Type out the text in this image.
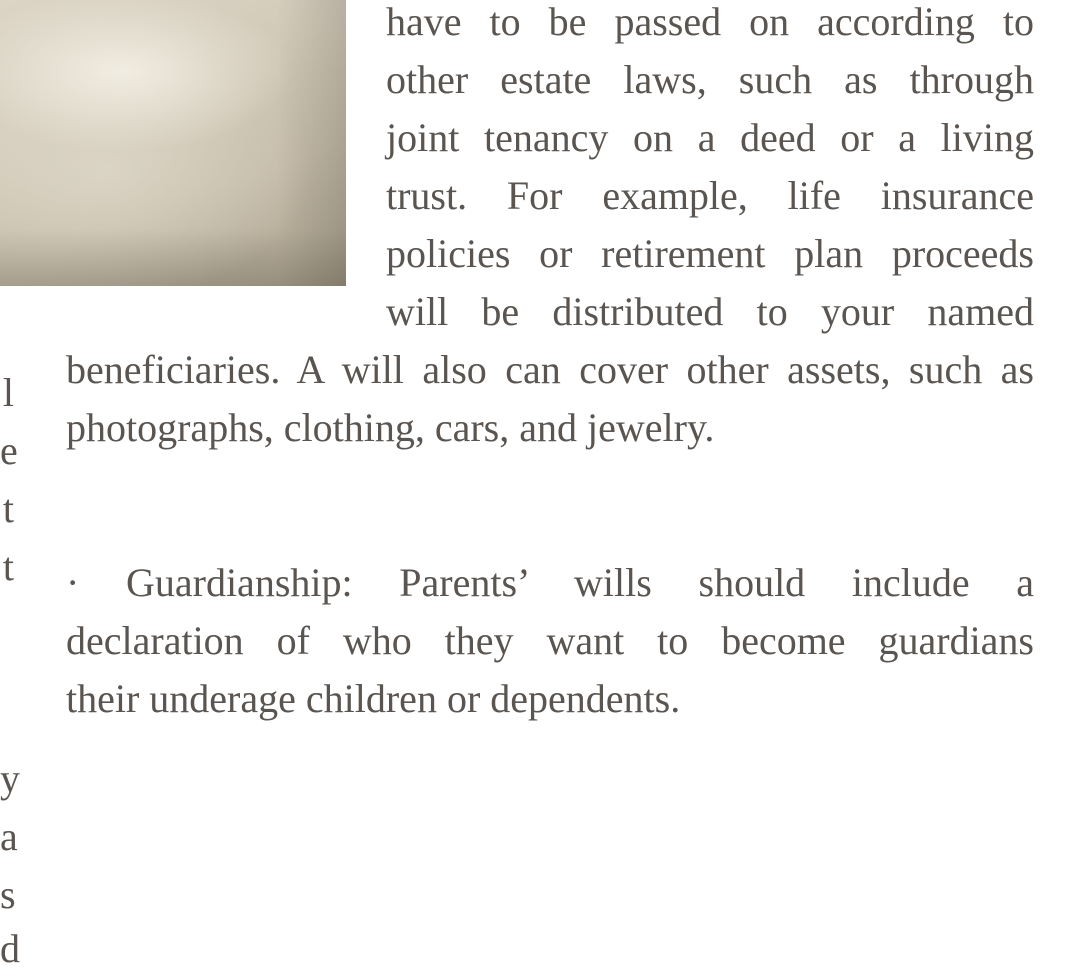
have to be passed on according to
other estate laws, such as through
joint tenancy on a deed or a living
trust. For example, life insurance
policies or retirement plan proceeds
will be distributed to your named
beneficiaries. A will also can cover other assets, such as
photographs, clothing, cars, and jewelry.
· Guardianship: Parents’ wills should include a
declaration of who they want to become guardians
their underage children or dependents.
l
e
t
t
y
a
s
d
